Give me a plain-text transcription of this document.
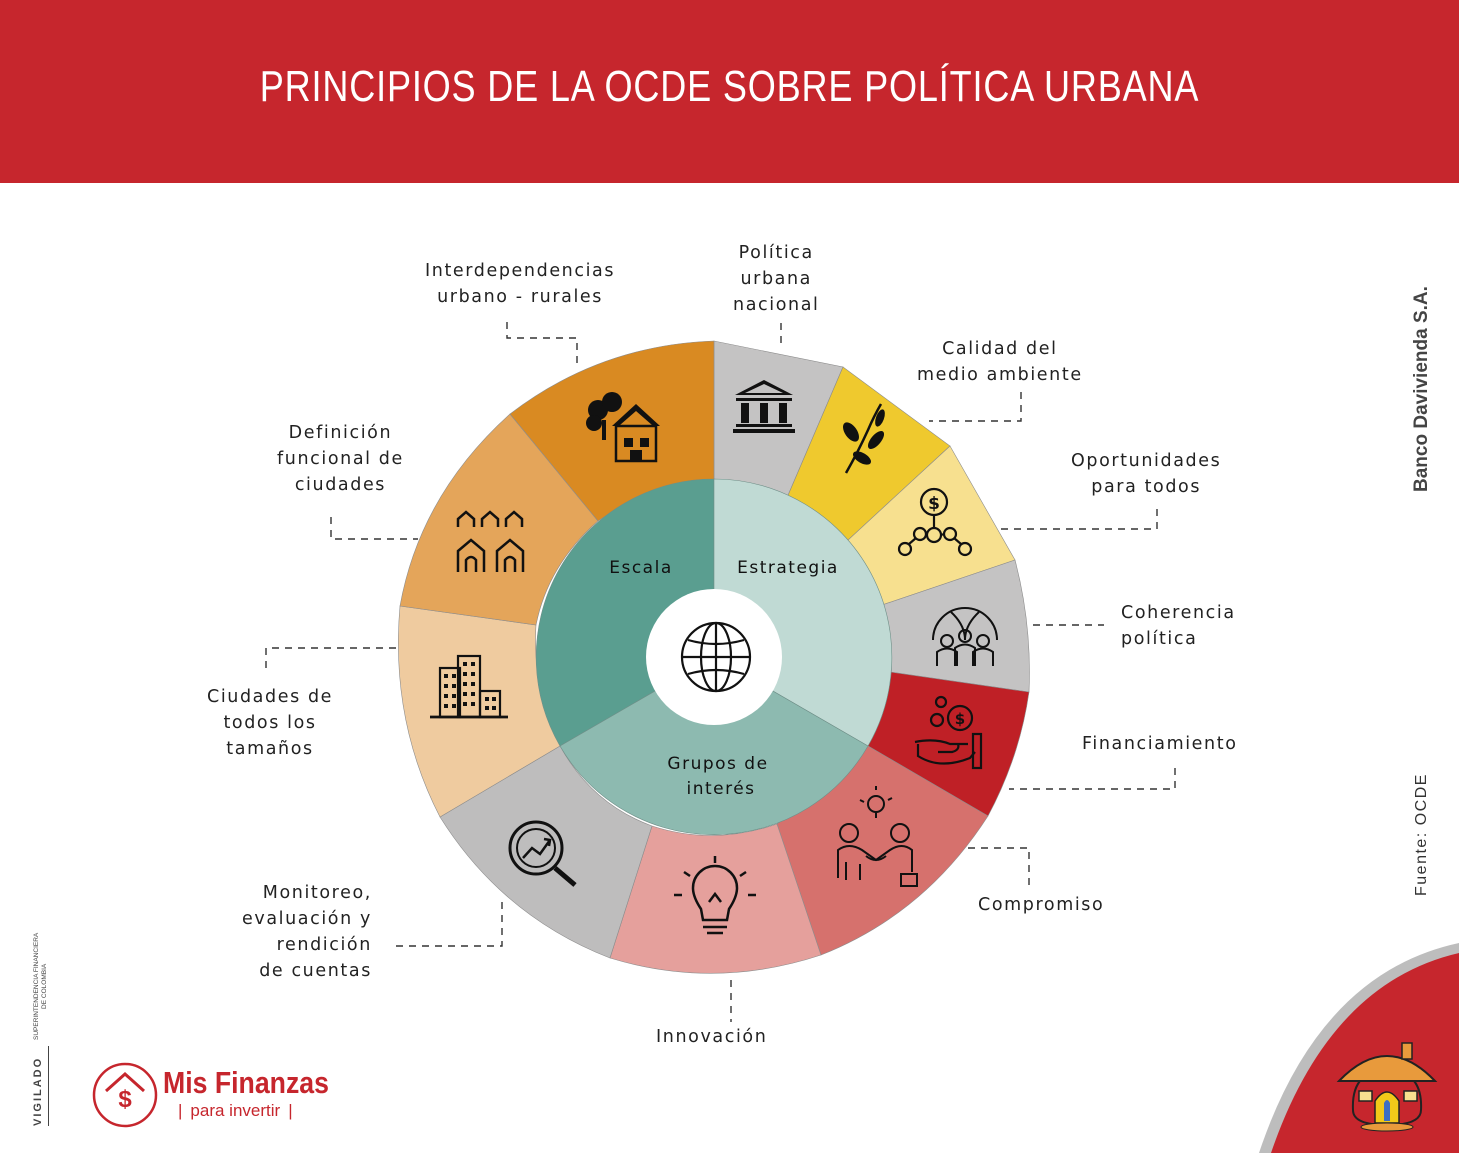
PRINCIPIOS DE LA OCDE SOBRE POLÍTICA URBANA
Escala	Estrategia
Grupos de
interés
$
$
Interdependencias
urbano - rurales
Política
urbana
nacional
Calidad del
medio ambiente
Oportunidades
para todos
Coherencia
política
Financiamiento
Compromiso
Innovación
Monitoreo,
evaluación y
rendición
de cuentas
Ciudades de
todos los
tamaños
Definición
funcional de
ciudades	Banco Davivienda S.A.
Fuente: OCDE
VIGILADO
SUPERINTENDENCIA FINANCIERA DE COLOMBIA
$ Mis Finanzas
| para invertir |
